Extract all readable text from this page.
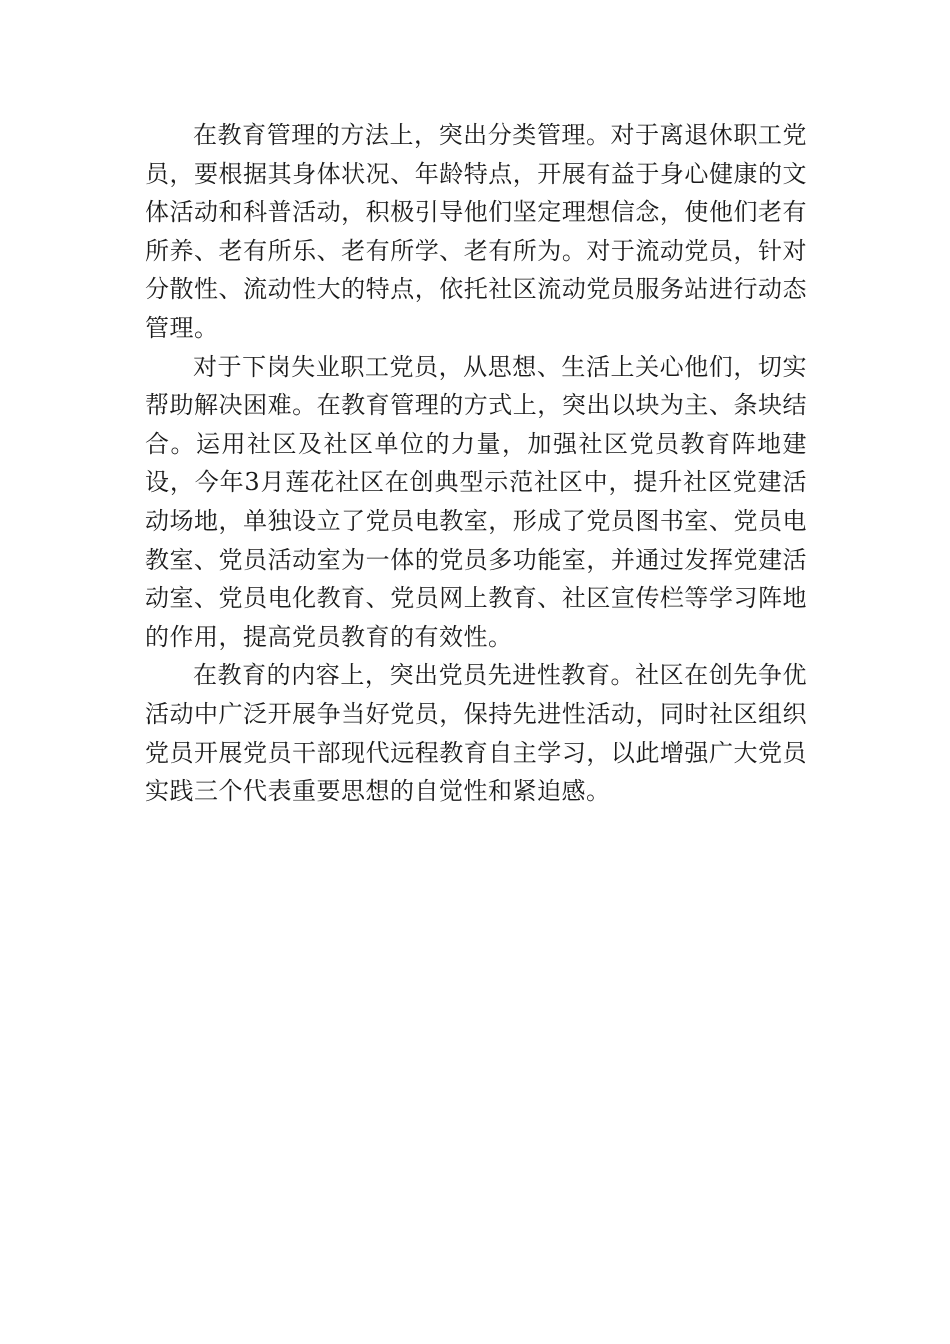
在教育管理的方法上，突出分类管理。对于离退休职工党员，要根据其身体状况、年龄特点，开展有益于身心健康的文体活动和科普活动，积极引导他们坚定理想信念，使他们老有所养、老有所乐、老有所学、老有所为。对于流动党员，针对分散性、流动性大的特点，依托社区流动党员服务站进行动态管理。

对于下岗失业职工党员，从思想、生活上关心他们，切实帮助解决困难。在教育管理的方式上，突出以块为主、条块结合。运用社区及社区单位的力量，加强社区党员教育阵地建设，今年3月莲花社区在创典型示范社区中，提升社区党建活动场地，单独设立了党员电教室，形成了党员图书室、党员电教室、党员活动室为一体的党员多功能室，并通过发挥党建活动室、党员电化教育、党员网上教育、社区宣传栏等学习阵地的作用，提高党员教育的有效性。

在教育的内容上，突出党员先进性教育。社区在创先争优活动中广泛开展争当好党员，保持先进性活动，同时社区组织党员开展党员干部现代远程教育自主学习，以此增强广大党员实践三个代表重要思想的自觉性和紧迫感。
